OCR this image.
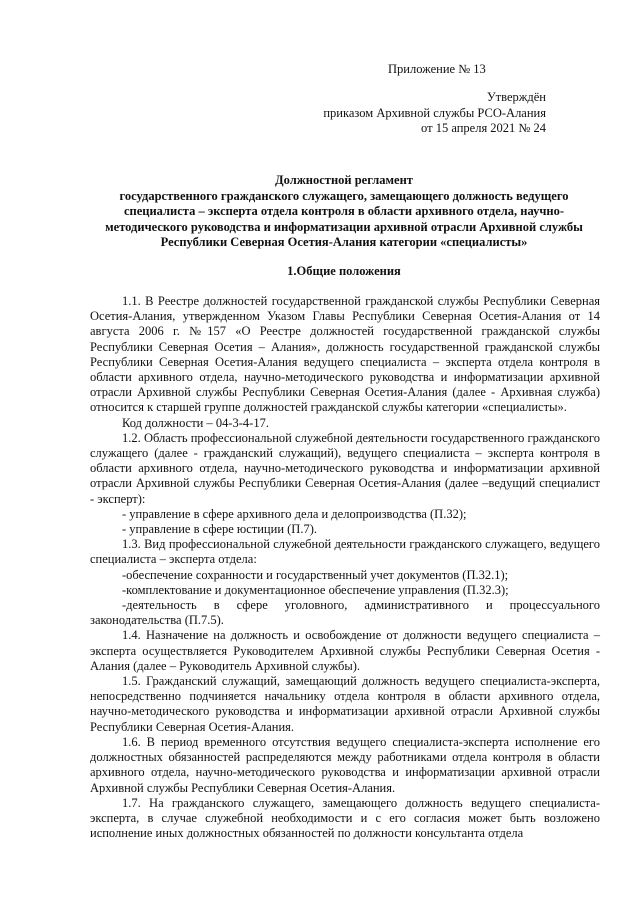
Приложение № 13
Утверждён
приказом Архивной службы РСО-Алания
от 15 апреля 2021 № 24
Должностной регламент
государственного гражданского служащего, замещающего должность ведущего специалиста – эксперта отдела контроля в области архивного отдела, научно-методического руководства и информатизации архивной отрасли Архивной службы Республики Северная Осетия-Алания категории «специалисты»
1.Общие положения

1.1. В Реестре должностей государственной гражданской службы Республики Северная Осетия-Алания, утвержденном Указом Главы Республики Северная Осетия-Алания от 14 августа 2006 г. №157 «О Реестре должностей государственной гражданской службы Республики Северная Осетия – Алания», должность государственной гражданской службы Республики Северная Осетия-Алания ведущего специалиста – эксперта отдела контроля в области архивного отдела, научно-методического руководства и информатизации архивной отрасли Архивной службы Республики Северная Осетия-Алания (далее - Архивная служба) относится к старшей группе должностей гражданской службы категории «специалисты».

Код должности – 04-3-4-17.

1.2. Область профессиональной служебной деятельности государственного гражданского служащего (далее - гражданский служащий), ведущего специалиста – эксперта контроля в области архивного отдела, научно-методического руководства и информатизации архивной отрасли Архивной службы Республики Северная Осетия-Алания (далее –ведущий специалист - эксперт):

- управление в сфере архивного дела и делопроизводства (П.32);

- управление в сфере юстиции (П.7).

1.3. Вид профессиональной служебной деятельности гражданского служащего, ведущего специалиста – эксперта отдела:

-обеспечение сохранности и государственный учет документов (П.32.1);

-комплектование и документационное обеспечение управления (П.32.3);

-деятельность в сфере уголовного, административного и процессуального законодательства (П.7.5).

1.4. Назначение на должность и освобождение от должности ведущего специалиста – эксперта осуществляется Руководителем Архивной службы Республики Северная Осетия - Алания (далее – Руководитель Архивной службы).

1.5. Гражданский служащий, замещающий должность ведущего специалиста-эксперта, непосредственно подчиняется начальнику отдела контроля в области архивного отдела, научно-методического руководства и информатизации архивной отрасли Архивной службы Республики Северная Осетия-Алания.

1.6. В период временного отсутствия ведущего специалиста-эксперта исполнение его должностных обязанностей распределяются между работниками отдела контроля в области архивного отдела, научно-методического руководства и информатизации архивной отрасли Архивной службы Республики Северная Осетия-Алания.

1.7. На гражданского служащего, замещающего должность ведущего специалиста-эксперта, в случае служебной необходимости и с его согласия может быть возложено исполнение иных должностных обязанностей по должности консультанта отдела
